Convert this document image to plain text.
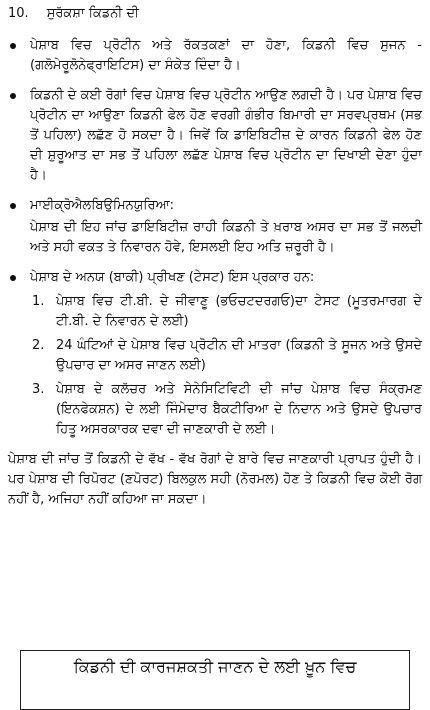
10. ਸੁਰੱਕਸ਼ਾ ਕਿਡਨੀ ਦੀ
ਪੇਸ਼ਾਬ ਵਿਚ ਪ੍ਰੋਟੀਨ ਅਤੇ ਰੱਕਤਕਣਾਂ ਦਾ ਹੋਣਾ, ਕਿਡਨੀ ਵਿਚ ਸੁਜਨ - (ਗਲੋਮੇਰੂਲੋਨੇਫ੍ਰਾਇਟਿਸ) ਦਾ ਸੰਕੇਤ ਦਿੰਦਾ ਹੈ।
ਕਿਡਨੀ ਦੇ ਕਈ ਰੋਗਾਂ ਵਿਚ ਪੇਸ਼ਾਬ ਵਿਚ ਪ੍ਰੋਟੀਨ ਆਉਣ ਲਗਦੀ ਹੈ। ਪਰ ਪੇਸ਼ਾਬ ਵਿਚ ਪ੍ਰੋਟੀਨ ਦਾ ਆਉਣਾ ਕਿਡਨੀ ਫੇਲ ਹੋਣ ਵਰਗੀ ਗੰਭੀਰ ਬਿਮਾਰੀ ਦਾ ਸਰਵਪ੍ਰਥਮ (ਸਭ ਤੋਂ ਪਹਿਲਾ) ਲਛੱਣ ਹੋ ਸਕਦਾ ਹੈ। ਜਿਵੇਂ ਕਿ ਡਾਇਬਿਟੀਜ਼ ਦੇ ਕਾਰਨ ਕਿਡਨੀ ਫੇਲ ਹੋਣ ਦੀ ਸ਼ੁਰੂਆਤ ਦਾ ਸਭ ਤੋਂ ਪਹਿਲਾ ਲਛੱਣ ਪੇਸ਼ਾਬ ਵਿਚ ਪ੍ਰੋਟੀਨ ਦਾ ਦਿਖਾਈ ਦੇਣਾ ਹੁੰਦਾ ਹੈ।
ਮਾਈਕ੍ਰੋਐਲਬਿਉਮਿਨਯੁਰਿਆ:
ਪੇਸ਼ਾਬ ਦੀ ਇਹ ਜਾਂਚ ਡਾਇਬਿਟੀਜ਼ ਰਾਹੀ ਕਿਡਨੀ ਤੇ ਖ਼ਰਾਬ ਅਸਰ ਦਾ ਸਭ ਤੋਂ ਜਲਦੀ ਅਤੇ ਸਹੀ ਵਕਤ ਤੇ ਨਿਵਾਰਨ ਹੋਵੇ, ਇਸਲਈ ਇਹ ਅਤਿ ਜ਼ਰੂਰੀ ਹੈ।
ਪੇਸ਼ਾਬ ਦੇ ਅਨਯ (ਬਾਕੀ) ਪ੍ਰੀਖਣ (ਟੇਸਟ) ਇਸ ਪ੍ਰਕਾਰ ਹਨ:
1. ਪੇਸ਼ਾਬ ਵਿਚ ਟੀ.ਬੀ. ਦੇ ਜੀਵਾਣੂ (ਭਓਚਟਦਰਗਓ)ਦਾ ਟੇਸਟ (ਮੂਤਰਮਾਰਗ ਦੇ ਟੀ.ਬੀ. ਦੇ ਨਿਵਾਰਨ ਦੇ ਲਈ)
2. 24 ਘੰਟਿਆਂ ਦੇ ਪੇਸ਼ਾਬ ਵਿਚ ਪ੍ਰੋਟੀਨ ਦੀ ਮਾਤਰਾ (ਕਿਡਨੀ ਤੇ ਸੂਜਨ ਅਤੇ ਉਸਦੇ ਉਪਚਾਰ ਦਾ ਅਸਰ ਜਾਣਨ ਲਈ)
3. ਪੇਸ਼ਾਬ ਦੇ ਕਲੱਚਰ ਅਤੇ ਸੇਨੇਸਿਟਿਵਿਟੀ ਦੀ ਜਾਂਚ ਪੇਸ਼ਾਬ ਵਿਚ ਸੰਕ੍ਰਮਣ (ਇਨਫੇਕਸ਼ਨ) ਦੇ ਲਈ ਜਿੰਮੇਦਾਰ ਬੈਕਟੀਰਿਆ ਦੇ ਨਿਦਾਨ ਅਤੇ ਉਸਦੇ ਉਪਚਾਰ ਹਿਤੂ ਅਸਰਕਾਰਕ ਦਵਾ ਦੀ ਜਾਣਕਾਰੀ ਦੇ ਲਈ।
ਪੇਸ਼ਾਬ ਦੀ ਜਾਂਚ ਤੋਂ ਕਿਡਨੀ ਦੇ ਵੱਖ - ਵੱਖ ਰੋਗਾਂ ਦੇ ਬਾਰੇ ਵਿਚ ਜਾਣਕਾਰੀ ਪ੍ਰਾਪਤ ਹੁੰਦੀ ਹੈ। ਪਰ ਪੇਸ਼ਾਬ ਦੀ ਰਿਪੋਰਟ (ਣਪੋਰਟ) ਬਿਲਕੁਲ ਸਹੀ (ਨੋਰਮਲ) ਹੋਣ ਤੇ ਕਿਡਨੀ ਵਿਚ ਕੋਈ ਰੋਗ ਨਹੀਂ ਹੈ, ਅਜਿਹਾ ਨਹੀਂ ਕਹਿਆ ਜਾ ਸਕਦਾ।
ਕਿਡਨੀ ਦੀ ਕਾਰਜਸ਼ਕਤੀ ਜਾਣਨ ਦੇ ਲਈ ਖ਼ੂਨ ਵਿਚ
